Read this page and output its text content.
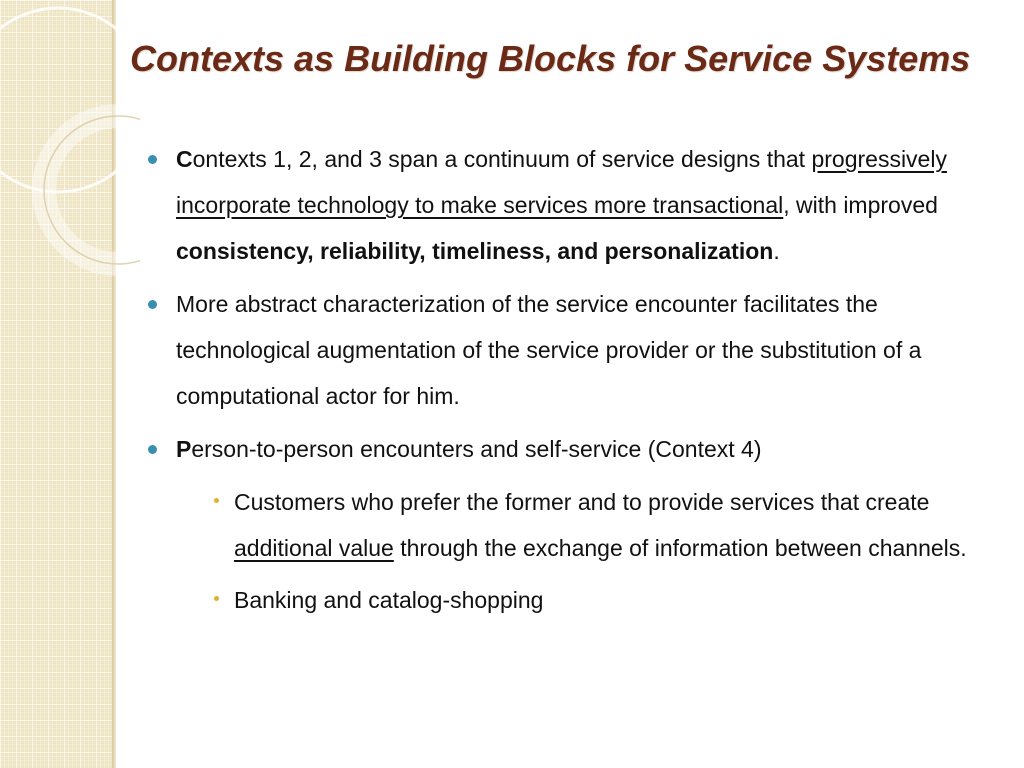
Contexts as Building Blocks for Service Systems
Contexts 1, 2, and 3 span a continuum of service designs that progressively incorporate technology to make services more transactional, with improved consistency, reliability, timeliness, and personalization.
More abstract characterization of the service encounter facilitates the technological augmentation of the service provider or the substitution of a computational actor for him.
Person-to-person encounters and self-service (Context 4)
Customers who prefer the former and to provide services that create additional value through the exchange of information between channels.
Banking and catalog-shopping
